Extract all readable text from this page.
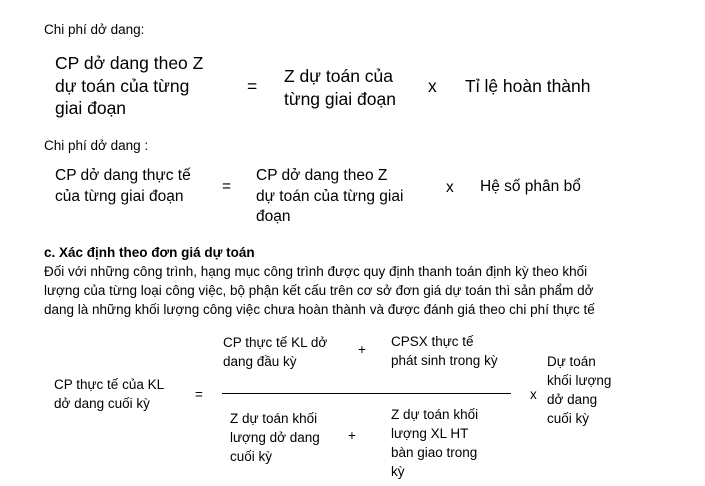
Chi phí dở dang:
CP dở dang theo Z
dự toán của từng
giai đoạn
= Z dự toán của
từng giai đoạn
x Tỉ lệ hoàn thành
Chi phí dở dang :
CP dở dang thực tế
của từng giai đoạn
=
CP dở dang theo Z
dự toán của từng giai
đoạn
x Hệ số phân bổ
c. Xác định theo đơn giá dự toán
Đối với những công trình, hạng mục công trình được quy định thanh toán định kỳ theo khối
lượng của từng loại công việc, bộ phận kết cấu trên cơ sở đơn giá dự toán thì sản phẩm dở
dang là những khối lượng công việc chưa hoàn thành và được đánh giá theo chi phí thực tế
CP thực tế của KL
dở dang cuối kỳ
=
CP thực tế KL dở
dang đầu kỳ
+
CPSX thực tế
phát sinh trong kỳ
Z dự toán khối
lượng dở dang
cuối kỳ
+
Z dự toán khối
lượng XL HT
bàn giao trong
kỳ
x
Dự toán
khối lượng
dở dang
cuối kỳ
